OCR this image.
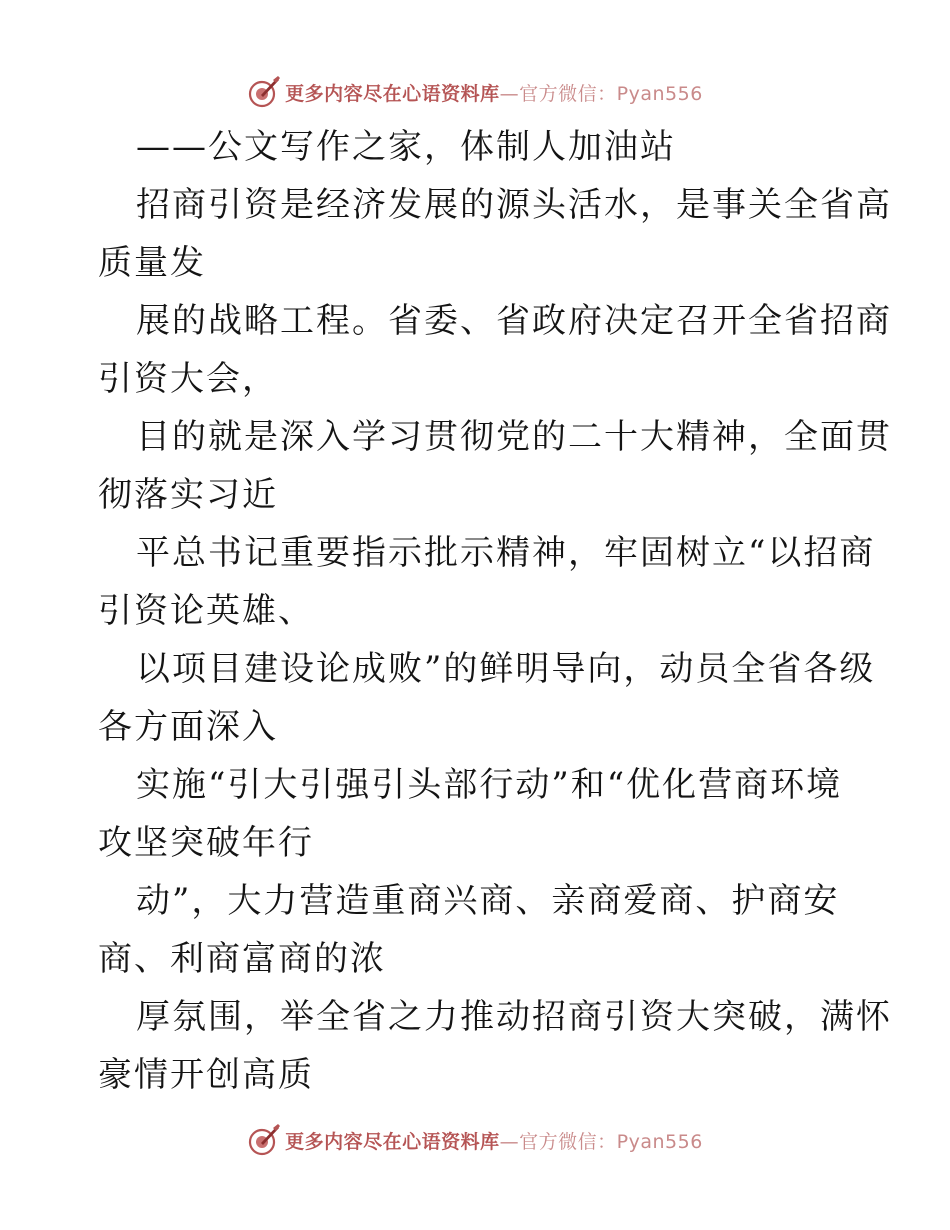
更多内容尽在心语资料库—官方微信：Pyan556
——公文写作之家，体制人加油站
招商引资是经济发展的源头活水，是事关全省高
质量发
展的战略工程。省委、省政府决定召开全省招商
引资大会，
目的就是深入学习贯彻党的二十大精神，全面贯
彻落实习近
平总书记重要指示批示精神，牢固树立“以招商
引资论英雄、
以项目建设论成败”的鲜明导向，动员全省各级
各方面深入
实施“引大引强引头部行动”和“优化营商环境
攻坚突破年行
动”，大力营造重商兴商、亲商爱商、护商安
商、利商富商的浓
厚氛围，举全省之力推动招商引资大突破，满怀
豪情开创高质
更多内容尽在心语资料库—官方微信：Pyan556
